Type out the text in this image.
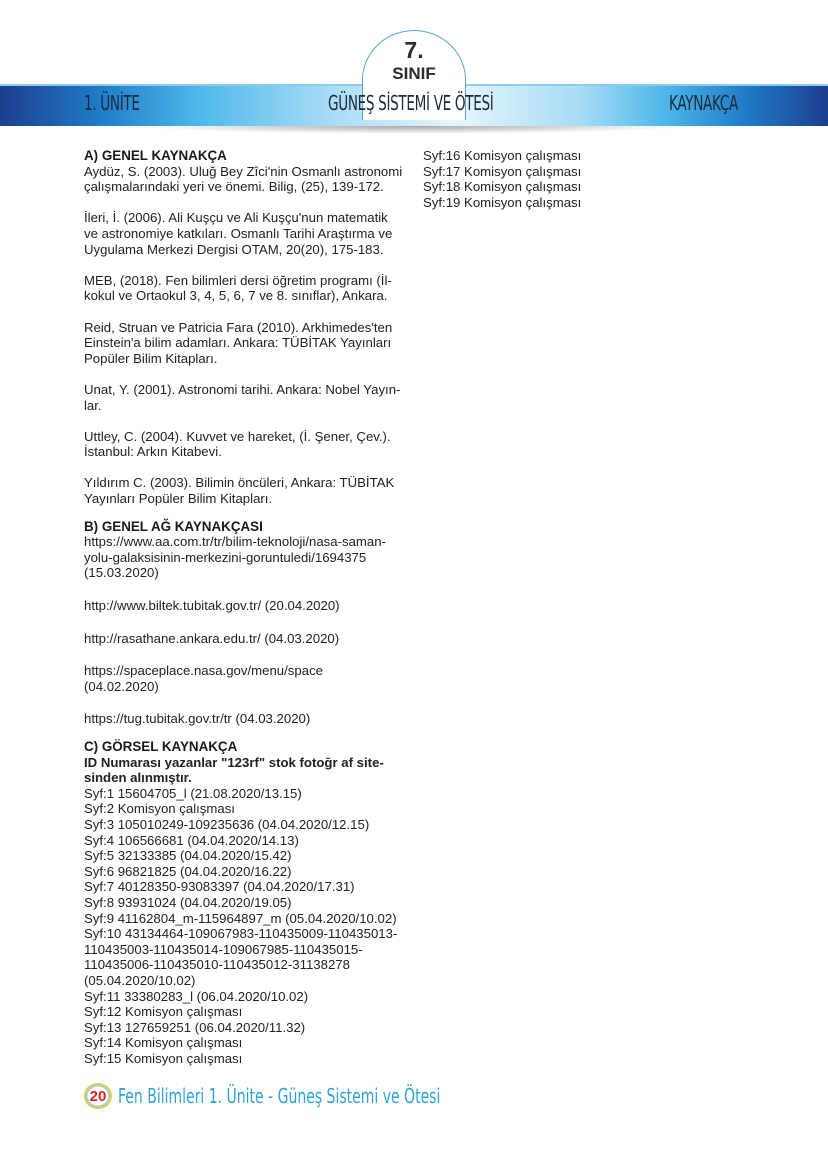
7.
SINIF
1. ÜNİTE	GÜNEŞ SİSTEMİ VE ÖTESİ	KAYNAKÇA
A) GENEL KAYNAKÇA
Aydüz, S. (2003). Uluğ Bey Zîci'nin Osmanlı astronomi
çalışmalarındaki yeri ve önemi. Bilig, (25), 139-172.
İleri, İ. (2006). Ali Kuşçu ve Ali Kuşçu'nun matematik
ve astronomiye katkıları. Osmanlı Tarihi Araştırma ve
Uygulama Merkezi Dergisi OTAM, 20(20), 175-183.
MEB, (2018). Fen bilimleri dersi öğretim programı (İl-
kokul ve Ortaokul 3, 4, 5, 6, 7 ve 8. sınıflar), Ankara.
Reid, Struan ve Patricia Fara (2010). Arkhimedes'ten
Einstein'a bilim adamları. Ankara: TÜBİTAK Yayınları
Popüler Bilim Kitapları.
Unat, Y. (2001). Astronomi tarihi. Ankara: Nobel Yayın-
lar.
Uttley, C. (2004). Kuvvet ve hareket, (İ. Şener, Çev.).
İstanbul: Arkın Kitabevi.
Yıldırım C. (2003). Bilimin öncüleri, Ankara: TÜBİTAK
Yayınları Popüler Bilim Kitapları.
B) GENEL AĞ KAYNAKÇASI
https://www.aa.com.tr/tr/bilim-teknoloji/nasa-saman-
yolu-galaksisinin-merkezini-goruntuledi/1694375
(15.03.2020)
http://www.biltek.tubitak.gov.tr/ (20.04.2020)
http://rasathane.ankara.edu.tr/ (04.03.2020)
https://spaceplace.nasa.gov/menu/space
(04.02.2020)
https://tug.tubitak.gov.tr/tr (04.03.2020)
C) GÖRSEL KAYNAKÇA
ID Numarası yazanlar "123rf" stok fotoğr af site-
sinden alınmıştır.
Syf:1 15604705_l (21.08.2020/13.15)
Syf:2 Komisyon çalışması
Syf:3 105010249-109235636 (04.04.2020/12.15)
Syf:4 106566681 (04.04.2020/14.13)
Syf:5 32133385 (04.04.2020/15.42)
Syf:6 96821825 (04.04.2020/16.22)
Syf:7 40128350-93083397 (04.04.2020/17.31)
Syf:8 93931024 (04.04.2020/19.05)
Syf:9 41162804_m-115964897_m (05.04.2020/10.02)
Syf:10 43134464-109067983-110435009-110435013-
110435003-110435014-109067985-110435015-
110435006-110435010-110435012-31138278
(05.04.2020/10.02)
Syf:11 33380283_l (06.04.2020/10.02)
Syf:12 Komisyon çalışması
Syf:13 127659251 (06.04.2020/11.32)
Syf:14 Komisyon çalışması
Syf:15 Komisyon çalışması
Syf:16 Komisyon çalışması
Syf:17 Komisyon çalışması
Syf:18 Komisyon çalışması
Syf:19 Komisyon çalışması
20 Fen Bilimleri 1. Ünite - Güneş Sistemi ve Ötesi
